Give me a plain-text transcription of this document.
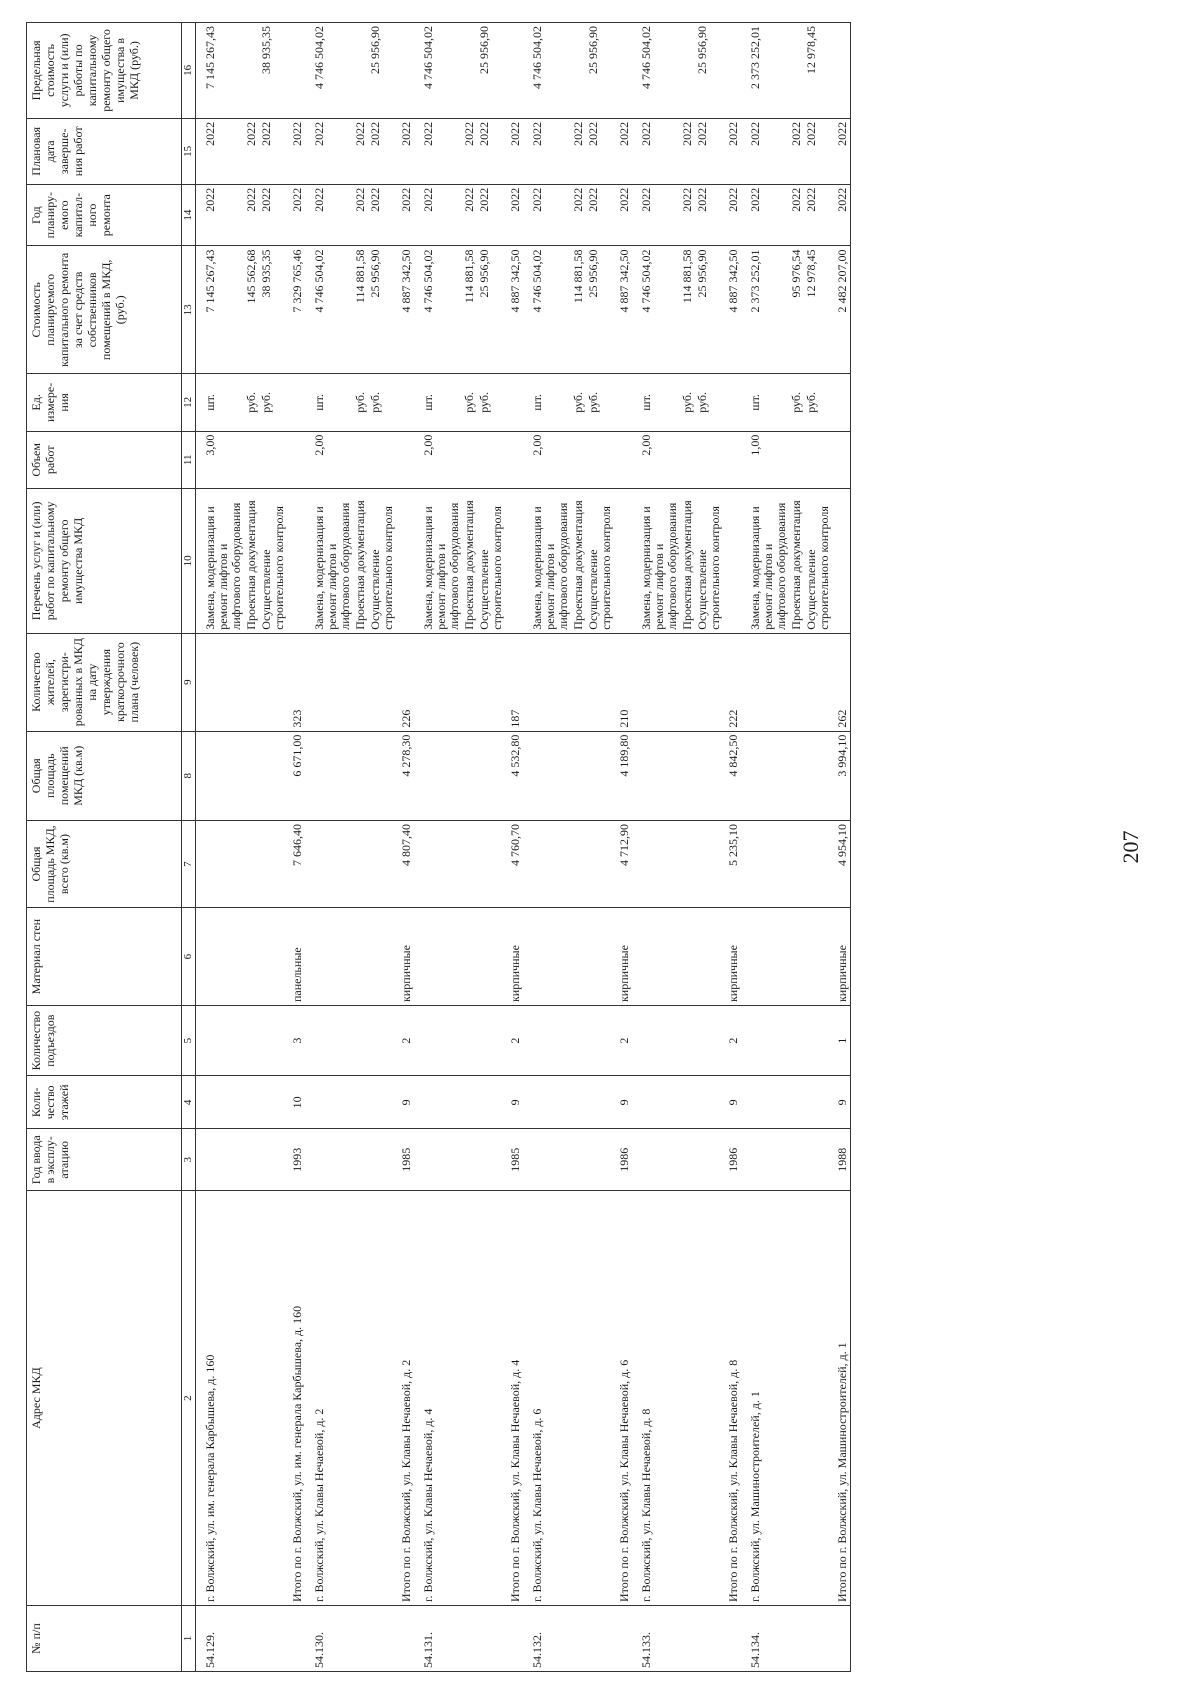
№ п/п	Адрес МКД	Год ввода в эксплу-атацию	Коли-чество этажей	Количество подъездов	Материал стен	Общая площадь МКД, всего (кв.м)	Общая площадь помещений МКД (кв.м)	Количество жителей, зарегистри-рованных в МКД на дату утверждения краткосрочного плана (человек)	Перечень услуг и (или) работ по капитальному ремонту общего имущества МКД	Объем работ	Ед. измере-ния	Стоимость планируемого капитального ремонта за счет средств собственников помещений в МКД, (руб.)	Год планиру-емого капитал-ного ремонта	Плановая дата заверше-ния работ	Предельная стоимость услуги и (или) работы по капитальному ремонту общего имущества в МКД (руб.)
1	2	3	4	5	6	7	8	9	10	11	12	13	14	15	16
54.129.	г. Волжский, ул. им. генерала Карбышева, д. 160								Замена, модернизация и ремонт лифтов и лифтового оборудования	3,00	шт.	7 145 267,43	2022	2022	7 145 267,43
									Проектная документация		руб.	145 562,68	2022	2022	
									Осуществление строительного контроля		руб.	38 935,35	2022	2022	38 935,35
	Итого по г. Волжский, ул. им. генерала Карбышева, д. 160	1993	10	3	панельные	7 646,40	6 671,00	323				7 329 765,46	2022	2022	
54.130.	г. Волжский, ул. Клавы Нечаевой, д. 2								Замена, модернизация и ремонт лифтов и лифтового оборудования	2,00	шт.	4 746 504,02	2022	2022	4 746 504,02
									Проектная документация		руб.	114 881,58	2022	2022	
									Осуществление строительного контроля		руб.	25 956,90	2022	2022	25 956,90
	Итого по г. Волжский, ул. Клавы Нечаевой, д. 2	1985	9	2	кирпичные	4 807,40	4 278,30	226				4 887 342,50	2022	2022	
54.131.	г. Волжский, ул. Клавы Нечаевой, д. 4								Замена, модернизация и ремонт лифтов и лифтового оборудования	2,00	шт.	4 746 504,02	2022	2022	4 746 504,02
									Проектная документация		руб.	114 881,58	2022	2022	
									Осуществление строительного контроля		руб.	25 956,90	2022	2022	25 956,90
	Итого по г. Волжский, ул. Клавы Нечаевой, д. 4	1985	9	2	кирпичные	4 760,70	4 532,80	187				4 887 342,50	2022	2022	
54.132.	г. Волжский, ул. Клавы Нечаевой, д. 6								Замена, модернизация и ремонт лифтов и лифтового оборудования	2,00	шт.	4 746 504,02	2022	2022	4 746 504,02
									Проектная документация		руб.	114 881,58	2022	2022	
									Осуществление строительного контроля		руб.	25 956,90	2022	2022	25 956,90
	Итого по г. Волжский, ул. Клавы Нечаевой, д. 6	1986	9	2	кирпичные	4 712,90	4 189,80	210				4 887 342,50	2022	2022	
54.133.	г. Волжский, ул. Клавы Нечаевой, д. 8								Замена, модернизация и ремонт лифтов и лифтового оборудования	2,00	шт.	4 746 504,02	2022	2022	4 746 504,02
									Проектная документация		руб.	114 881,58	2022	2022	
									Осуществление строительного контроля		руб.	25 956,90	2022	2022	25 956,90
	Итого по г. Волжский, ул. Клавы Нечаевой, д. 8	1986	9	2	кирпичные	5 235,10	4 842,50	222				4 887 342,50	2022	2022	
54.134.	г. Волжский, ул. Машиностроителей, д. 1								Замена, модернизация и ремонт лифтов и лифтового оборудования	1,00	шт.	2 373 252,01	2022	2022	2 373 252,01
									Проектная документация		руб.	95 976,54	2022	2022	
									Осуществление строительного контроля		руб.	12 978,45	2022	2022	12 978,45
	Итого по г. Волжский, ул. Машиностроителей, д. 1	1988	9	1	кирпичные	4 954,10	3 994,10	262				2 482 207,00	2022	2022	
207
